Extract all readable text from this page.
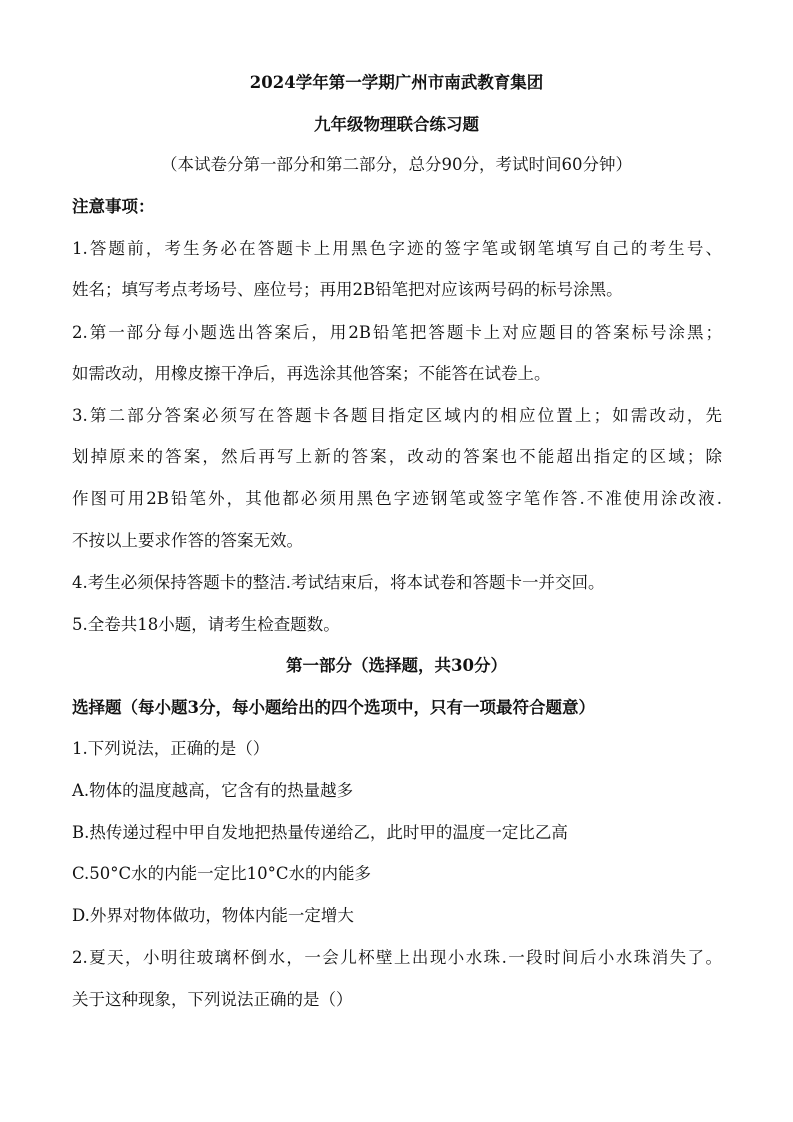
2024学年第一学期广州市南武教育集团
九年级物理联合练习题
（本试卷分第一部分和第二部分，总分90分，考试时间60分钟）
注意事项：
1.答题前，考生务必在答题卡上用黑色字迹的签字笔或钢笔填写自己的考生号、
姓名；填写考点考场号、座位号；再用2B铅笔把对应该两号码的标号涂黑。
2.第一部分每小题选出答案后，用2B铅笔把答题卡上对应题目的答案标号涂黑；
如需改动，用橡皮擦干净后，再选涂其他答案；不能答在试卷上。
3.第二部分答案必须写在答题卡各题目指定区域内的相应位置上；如需改动，先
划掉原来的答案，然后再写上新的答案，改动的答案也不能超出指定的区域；除
作图可用2B铅笔外，其他都必须用黑色字迹钢笔或签字笔作答.不准使用涂改液.
不按以上要求作答的答案无效。
4.考生必须保持答题卡的整洁.考试结束后，将本试卷和答题卡一并交回。
5.全卷共18小题，请考生检查题数。
第一部分（选择题，共30分）
选择题（每小题3分，每小题给出的四个选项中，只有一项最符合题意）
1.下列说法，正确的是（）
A.物体的温度越高，它含有的热量越多
B.热传递过程中甲自发地把热量传递给乙，此时甲的温度一定比乙高
C.50°C水的内能一定比10°C水的内能多
D.外界对物体做功，物体内能一定增大
2.夏天，小明往玻璃杯倒水，一会儿杯壁上出现小水珠.一段时间后小水珠消失了。
关于这种现象，下列说法正确的是（）
